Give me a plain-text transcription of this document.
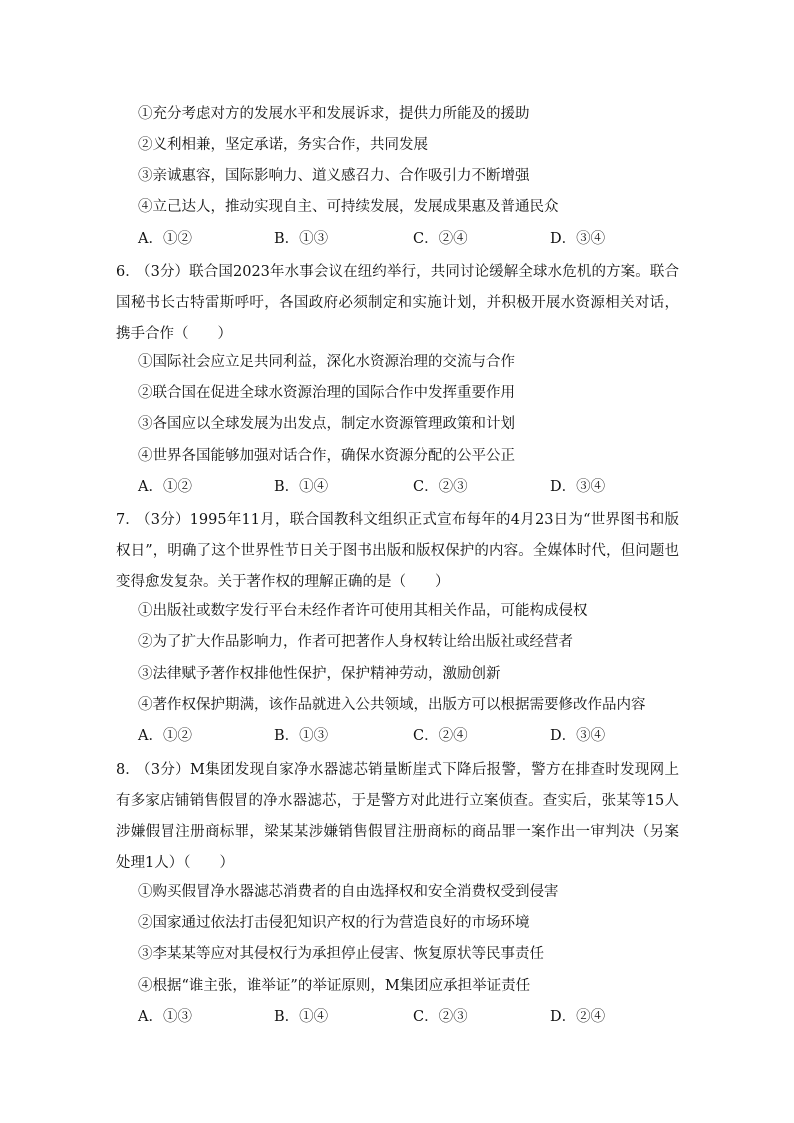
①充分考虑对方的发展水平和发展诉求，提供力所能及的援助
②义利相兼，坚定承诺，务实合作，共同发展
③亲诚惠容，国际影响力、道义感召力、合作吸引力不断增强
④立己达人，推动实现自主、可持续发展，发展成果惠及普通民众
A．①②	B．①③	C．②④	D．③④
6．
（3分）联合国2023年水事会议在纽约举行，共同讨论缓解全球水危机的方案。联合国秘书长古特雷斯呼吁，各国政府必须制定和实施计划，并积极开展水资源相关对话，携手合作（　　）
①国际社会应立足共同利益，深化水资源治理的交流与合作
②联合国在促进全球水资源治理的国际合作中发挥重要作用
③各国应以全球发展为出发点，制定水资源管理政策和计划
④世界各国能够加强对话合作，确保水资源分配的公平公正
A．①②	B．①④	C．②③	D．③④
7．
（3分）1995年11月，联合国教科文组织正式宣布每年的4月23日为“世界图书和版权日”，明确了这个世界性节日关于图书出版和版权保护的内容。全媒体时代，但问题也变得愈发复杂。关于著作权的理解正确的是（　　）
①出版社或数字发行平台未经作者许可使用其相关作品，可能构成侵权
②为了扩大作品影响力，作者可把著作人身权转让给出版社或经营者
③法律赋予著作权排他性保护，保护精神劳动，激励创新
④著作权保护期满，该作品就进入公共领域，出版方可以根据需要修改作品内容
A．①②	B．①③	C．②④	D．③④
8．
（3分）M集团发现自家净水器滤芯销量断崖式下降后报警，警方在排查时发现网上有多家店铺销售假冒的净水器滤芯，于是警方对此进行立案侦查。查实后，张某等15人涉嫌假冒注册商标罪，梁某某涉嫌销售假冒注册商标的商品罪一案作出一审判决（另案处理1人）（　　）
①购买假冒净水器滤芯消费者的自由选择权和安全消费权受到侵害
②国家通过依法打击侵犯知识产权的行为营造良好的市场环境
③李某某等应对其侵权行为承担停止侵害、恢复原状等民事责任
④根据“谁主张，谁举证”的举证原则，M集团应承担举证责任
A．①③	B．①④	C．②③	D．②④
